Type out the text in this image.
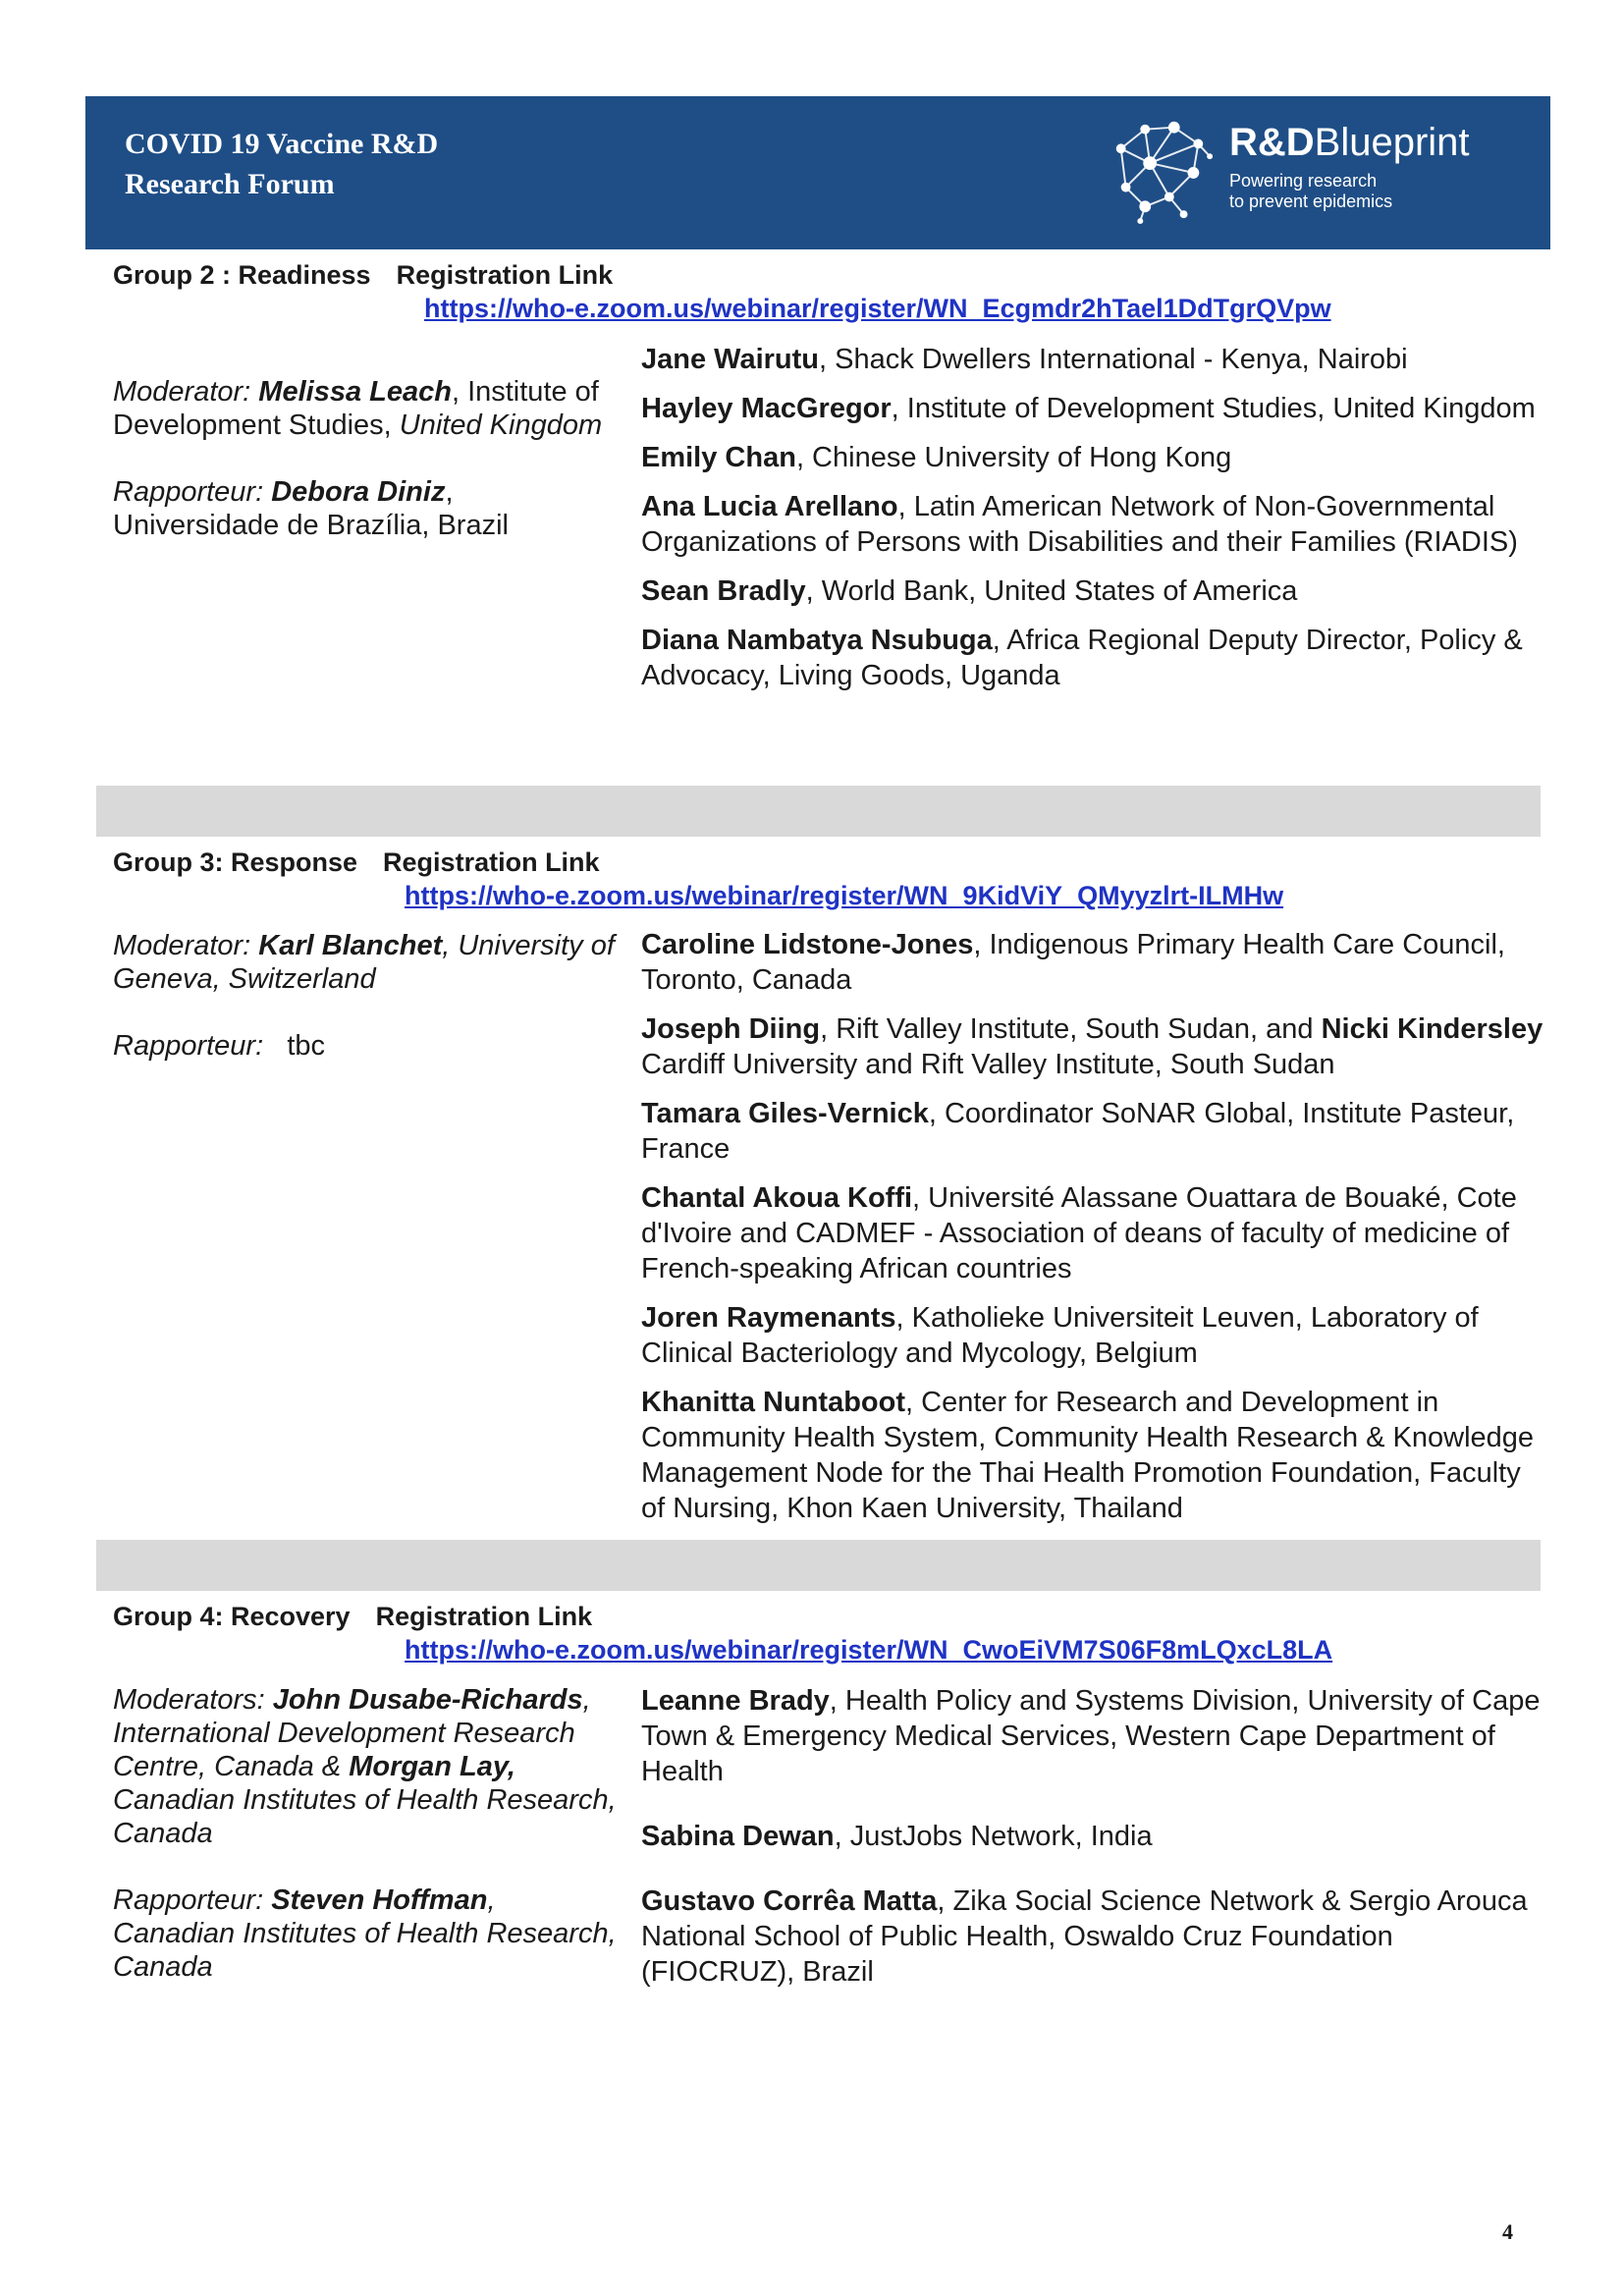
COVID 19 Vaccine R&D
Research Forum
R&DBlueprint
Powering research
to prevent epidemics
Group 2 : Readiness Registration Link
https://who-e.zoom.us/webinar/register/WN_Ecgmdr2hTael1DdTgrQVpw

Moderator: Melissa Leach, Institute of Development Studies, United Kingdom

Rapporteur: Debora Diniz,
Universidade de Brazília, Brazil

Jane Wairutu, Shack Dwellers International - Kenya, Nairobi
Hayley MacGregor, Institute of Development Studies, United Kingdom
Emily Chan, Chinese University of Hong Kong
Ana Lucia Arellano, Latin American Network of Non-Governmental Organizations of Persons with Disabilities and their Families (RIADIS)
Sean Bradly, World Bank, United States of America
Diana Nambatya Nsubuga, Africa Regional Deputy Director, Policy & Advocacy, Living Goods, Uganda
Group 3: Response Registration Link
https://who-e.zoom.us/webinar/register/WN_9KidViY_QMyyzlrt-ILMHw

Moderator: Karl Blanchet, University of Geneva, Switzerland

Rapporteur: tbc

Caroline Lidstone-Jones, Indigenous Primary Health Care Council, Toronto, Canada
Joseph Diing, Rift Valley Institute, South Sudan, and Nicki Kindersley Cardiff University and Rift Valley Institute, South Sudan
Tamara Giles-Vernick, Coordinator SoNAR Global, Institute Pasteur, France
Chantal Akoua Koffi, Université Alassane Ouattara de Bouaké, Cote d'Ivoire and CADMEF - Association of deans of faculty of medicine of French-speaking African countries
Joren Raymenants, Katholieke Universiteit Leuven, Laboratory of Clinical Bacteriology and Mycology, Belgium
Khanitta Nuntaboot, Center for Research and Development in Community Health System, Community Health Research & Knowledge Management Node for the Thai Health Promotion Foundation, Faculty of Nursing, Khon Kaen University, Thailand
Group 4: Recovery Registration Link
https://who-e.zoom.us/webinar/register/WN_CwoEiVM7S06F8mLQxcL8LA

Moderators: John Dusabe-Richards, International Development Research Centre, Canada & Morgan Lay, Canadian Institutes of Health Research, Canada

Rapporteur: Steven Hoffman, Canadian Institutes of Health Research, Canada

Leanne Brady, Health Policy and Systems Division, University of Cape Town & Emergency Medical Services, Western Cape Department of Health
Sabina Dewan, JustJobs Network, India
Gustavo Corrêa Matta, Zika Social Science Network & Sergio Arouca National School of Public Health, Oswaldo Cruz Foundation (FIOCRUZ), Brazil
4
